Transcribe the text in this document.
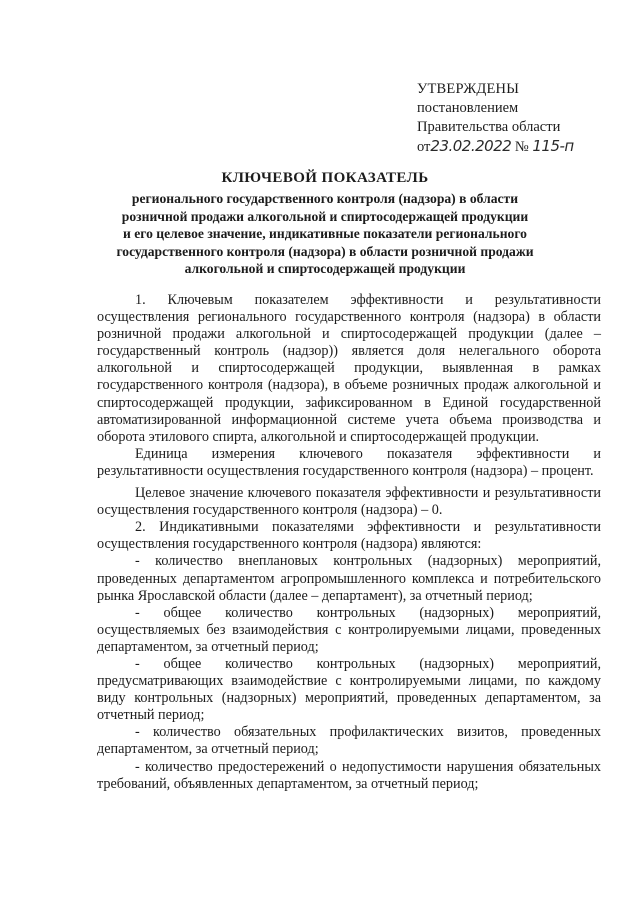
УТВЕРЖДЕНЫ
постановлением
Правительства области
от23.02.2022 № 115-п
КЛЮЧЕВОЙ ПОКАЗАТЕЛЬ
регионального государственного контроля (надзора) в области
розничной продажи алкогольной и спиртосодержащей продукции
и его целевое значение, индикативные показатели регионального
государственного контроля (надзора) в области розничной продажи
алкогольной и спиртосодержащей продукции

1. Ключевым показателем эффективности и результативности осуществления регионального государственного контроля (надзора) в области розничной продажи алкогольной и спиртосодержащей продукции (далее – государственный контроль (надзор)) является доля нелегального оборота алкогольной и спиртосодержащей продукции, выявленная в рамках государственного контроля (надзора), в объеме розничных продаж алкогольной и спиртосодержащей продукции, зафиксированном в Единой государственной автоматизированной информационной системе учета объема производства и оборота этилового спирта, алкогольной и спиртосодержащей продукции.

Единица измерения ключевого показателя эффективности и результативности осуществления государственного контроля (надзора) – процент.

Целевое значение ключевого показателя эффективности и результативности осуществления государственного контроля (надзора) – 0.

2. Индикативными показателями эффективности и результативности осуществления государственного контроля (надзора) являются:

- количество внеплановых контрольных (надзорных) мероприятий, проведенных департаментом агропромышленного комплекса и потребительского рынка Ярославской области (далее – департамент), за отчетный период;

- общее количество контрольных (надзорных) мероприятий, осуществляемых без взаимодействия с контролируемыми лицами, проведенных департаментом, за отчетный период;

- общее количество контрольных (надзорных) мероприятий, предусматривающих взаимодействие с контролируемыми лицами, по каждому виду контрольных (надзорных) мероприятий, проведенных департаментом, за отчетный период;

- количество обязательных профилактических визитов, проведенных департаментом, за отчетный период;

- количество предостережений о недопустимости нарушения обязательных требований, объявленных департаментом, за отчетный период;
